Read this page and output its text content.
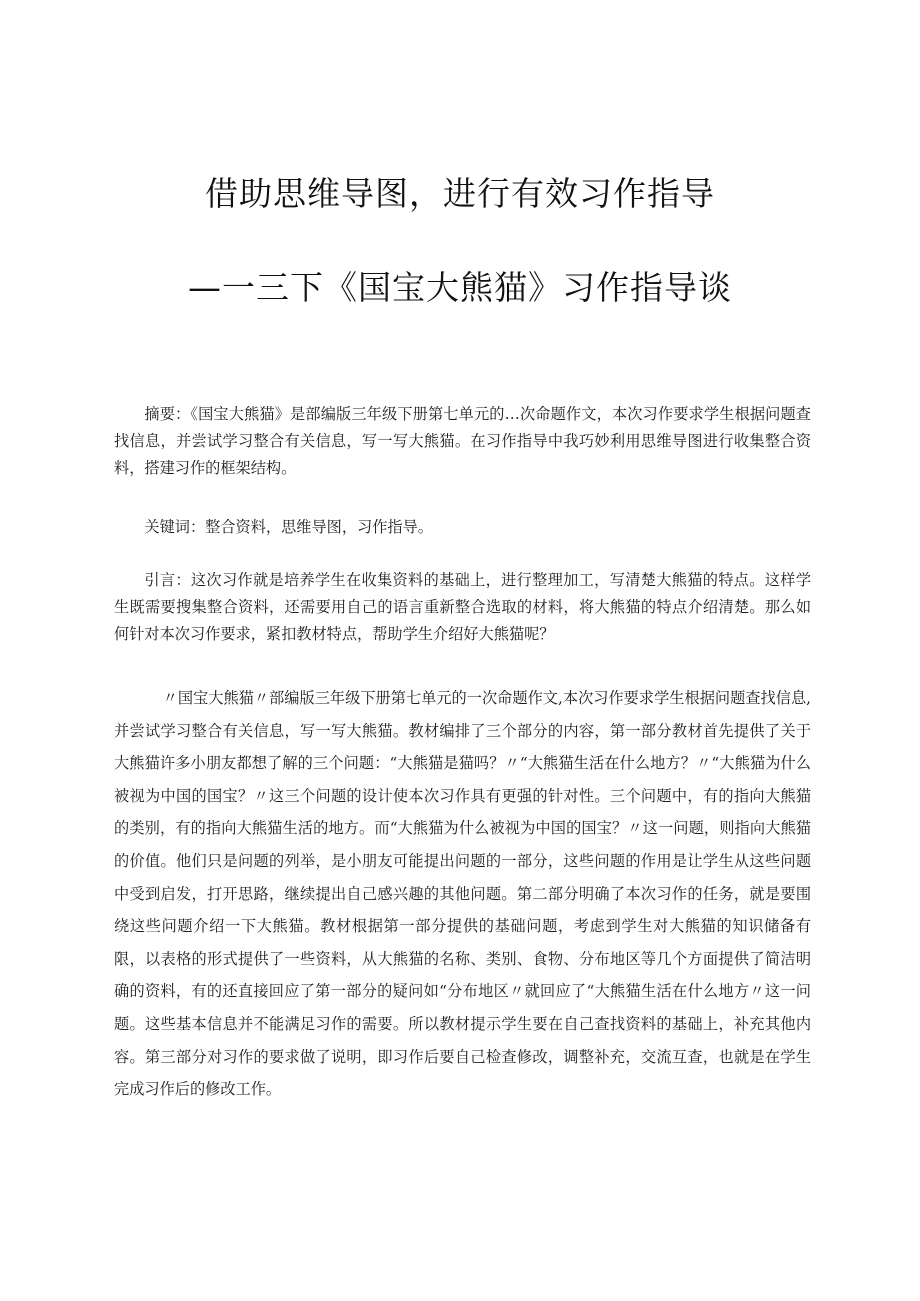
借助思维导图，进行有效习作指导
—一三下《国宝大熊猫》习作指导谈

摘要：《国宝大熊猫》是部编版三年级下册第七单元的…次命题作文，本次习作要求学生根据问题查找信息，并尝试学习整合有关信息，写一写大熊猫。在习作指导中我巧妙利用思维导图进行收集整合资料，搭建习作的框架结构。

关键词：整合资料，思维导图，习作指导。

引言：这次习作就是培养学生在收集资料的基础上，进行整理加工，写清楚大熊猫的特点。这样学生既需要搜集整合资料，还需要用自己的语言重新整合选取的材料，将大熊猫的特点介绍清楚。那么如何针对本次习作要求，紧扣教材特点，帮助学生介绍好大熊猫呢？

〃国宝大熊猫〃部编版三年级下册第七单元的一次命题作文,本次习作要求学生根据问题查找信息,并尝试学习整合有关信息，写一写大熊猫。教材编排了三个部分的内容，第一部分教材首先提供了关于大熊猫许多小朋友都想了解的三个问题：“大熊猫是猫吗？〃“大熊猫生活在什么地方？〃“大熊猫为什么被视为中国的国宝？〃这三个问题的设计使本次习作具有更强的针对性。三个问题中，有的指向大熊猫的类别，有的指向大熊猫生活的地方。而“大熊猫为什么被视为中国的国宝？〃这一问题，则指向大熊猫的价值。他们只是问题的列举，是小朋友可能提出问题的一部分，这些问题的作用是让学生从这些问题中受到启发，打开思路，继续提出自己感兴趣的其他问题。第二部分明确了本次习作的任务，就是要围绕这些问题介绍一下大熊猫。教材根据第一部分提供的基础问题，考虑到学生对大熊猫的知识储备有限，以表格的形式提供了一些资料，从大熊猫的名称、类别、食物、分布地区等几个方面提供了简洁明确的资料，有的还直接回应了第一部分的疑问如“分布地区〃就回应了“大熊猫生活在什么地方〃这一问题。这些基本信息并不能满足习作的需要。所以教材提示学生要在自己查找资料的基础上，补充其他内容。第三部分对习作的要求做了说明，即习作后要自己检查修改，调整补充，交流互查，也就是在学生完成习作后的修改工作。
